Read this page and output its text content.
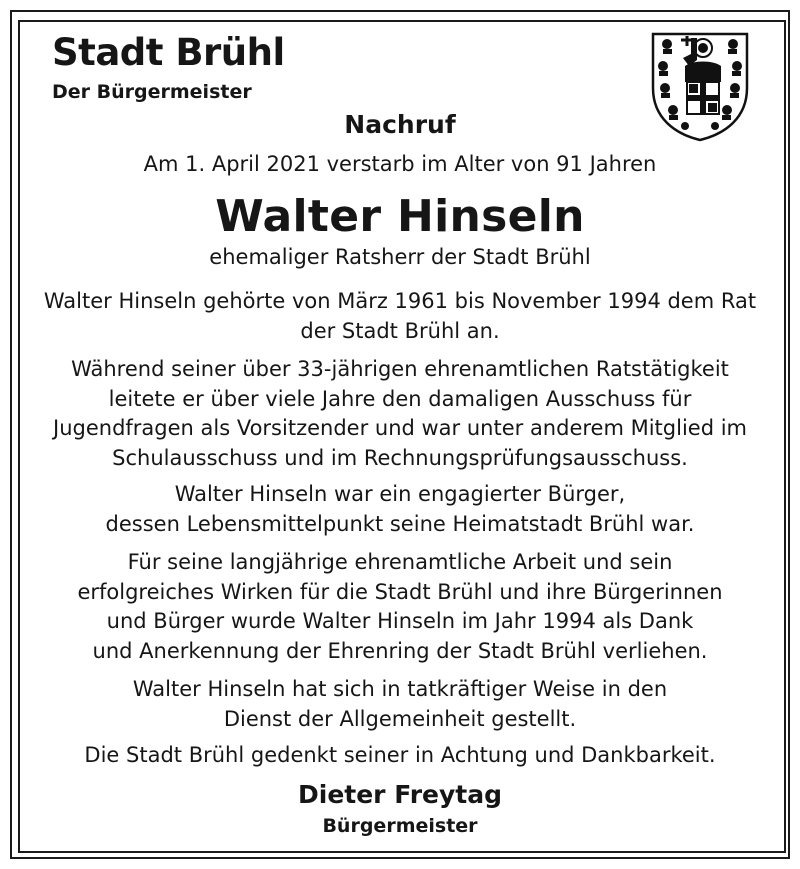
Stadt Brühl
Der Bürgermeister
Nachruf
Am 1. April 2021 verstarb im Alter von 91 Jahren
Walter Hinseln
ehemaliger Ratsherr der Stadt Brühl
Walter Hinseln gehörte von März 1961 bis November 1994 dem Rat
der Stadt Brühl an.
Während seiner über 33-jährigen ehrenamtlichen Ratstätigkeit
leitete er über viele Jahre den damaligen Ausschuss für
Jugendfragen als Vorsitzender und war unter anderem Mitglied im
Schulausschuss und im Rechnungsprüfungsausschuss.
Walter Hinseln war ein engagierter Bürger,
dessen Lebensmittelpunkt seine Heimatstadt Brühl war.
Für seine langjährige ehrenamtliche Arbeit und sein
erfolgreiches Wirken für die Stadt Brühl und ihre Bürgerinnen
und Bürger wurde Walter Hinseln im Jahr 1994 als Dank
und Anerkennung der Ehrenring der Stadt Brühl verliehen.
Walter Hinseln hat sich in tatkräftiger Weise in den
Dienst der Allgemeinheit gestellt.
Die Stadt Brühl gedenkt seiner in Achtung und Dankbarkeit.
Dieter Freytag
Bürgermeister
